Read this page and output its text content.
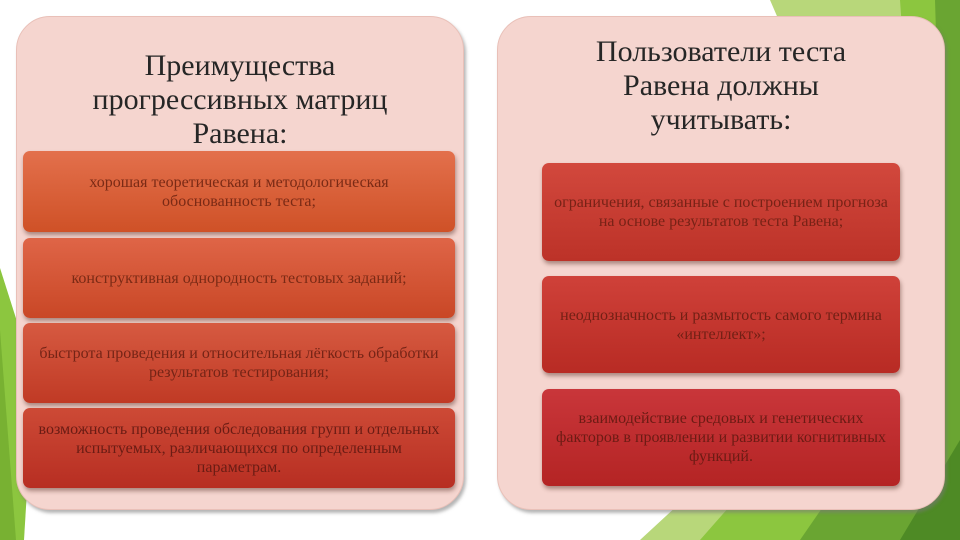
Преимущества
прогрессивных матриц
Равена:
Пользователи теста
Равена должны
учитывать:
хорошая теоретическая и методологическая обоснованность теста;
конструктивная однородность тестовых заданий;
быстрота проведения и относительная лёгкость обработки результатов тестирования;
возможность проведения обследования групп и отдельных испытуемых, различающихся по определенным параметрам.
ограничения, связанные с построением прогноза на основе результатов теста Равена;
неоднозначность и размытость самого термина «интеллект»;
взаимодействие средовых и генетических факторов в проявлении и развитии когнитивных функций.
